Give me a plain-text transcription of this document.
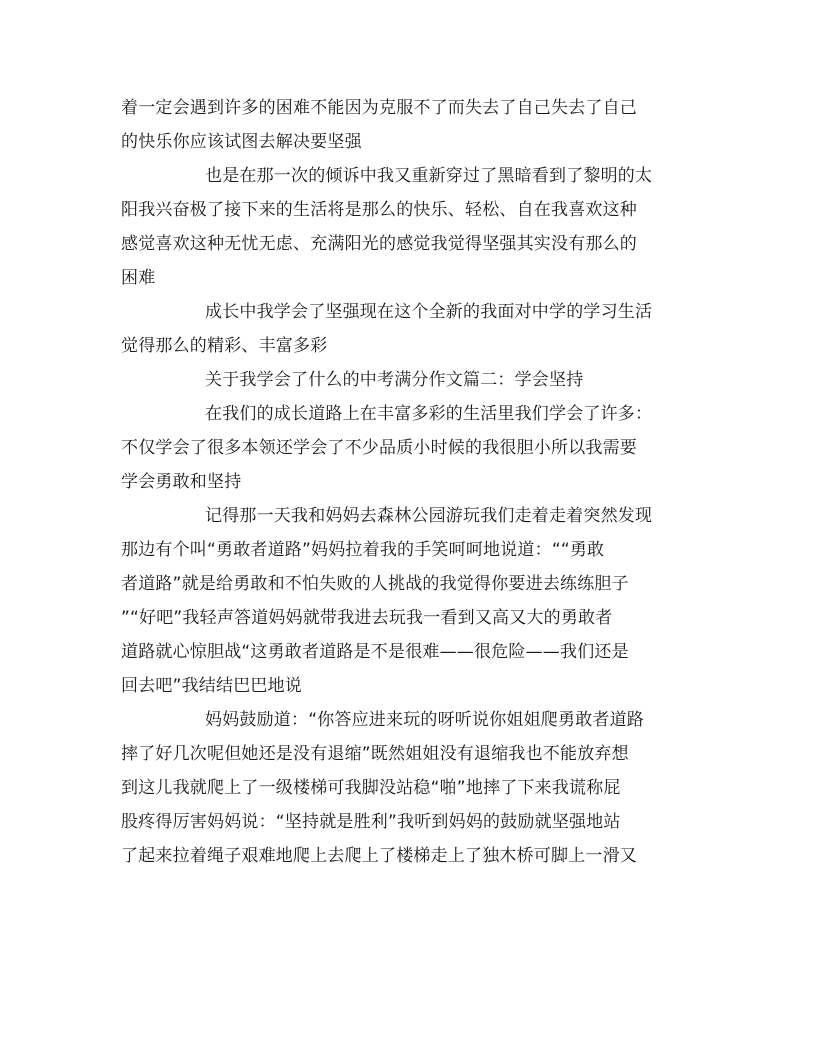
着一定会遇到许多的困难不能因为克服不了而失去了自己失去了自己
的快乐你应该试图去解决要坚强
也是在那一次的倾诉中我又重新穿过了黑暗看到了黎明的太
阳我兴奋极了接下来的生活将是那么的快乐、轻松、自在我喜欢这种
感觉喜欢这种无忧无虑、充满阳光的感觉我觉得坚强其实没有那么的
困难
成长中我学会了坚强现在这个全新的我面对中学的学习生活
觉得那么的精彩、丰富多彩
关于我学会了什么的中考满分作文篇二：学会坚持
在我们的成长道路上在丰富多彩的生活里我们学会了许多：
不仅学会了很多本领还学会了不少品质小时候的我很胆小所以我需要
学会勇敢和坚持
记得那一天我和妈妈去森林公园游玩我们走着走着突然发现
那边有个叫“勇敢者道路”妈妈拉着我的手笑呵呵地说道：““勇敢
者道路”就是给勇敢和不怕失败的人挑战的我觉得你要进去练练胆子
”“好吧”我轻声答道妈妈就带我进去玩我一看到又高又大的勇敢者
道路就心惊胆战“这勇敢者道路是不是很难——很危险——我们还是
回去吧”我结结巴巴地说
妈妈鼓励道：“你答应进来玩的呀听说你姐姐爬勇敢者道路
摔了好几次呢但她还是没有退缩”既然姐姐没有退缩我也不能放弃想
到这儿我就爬上了一级楼梯可我脚没站稳“啪”地摔了下来我谎称屁
股疼得厉害妈妈说：“坚持就是胜利”我听到妈妈的鼓励就坚强地站
了起来拉着绳子艰难地爬上去爬上了楼梯走上了独木桥可脚上一滑又
